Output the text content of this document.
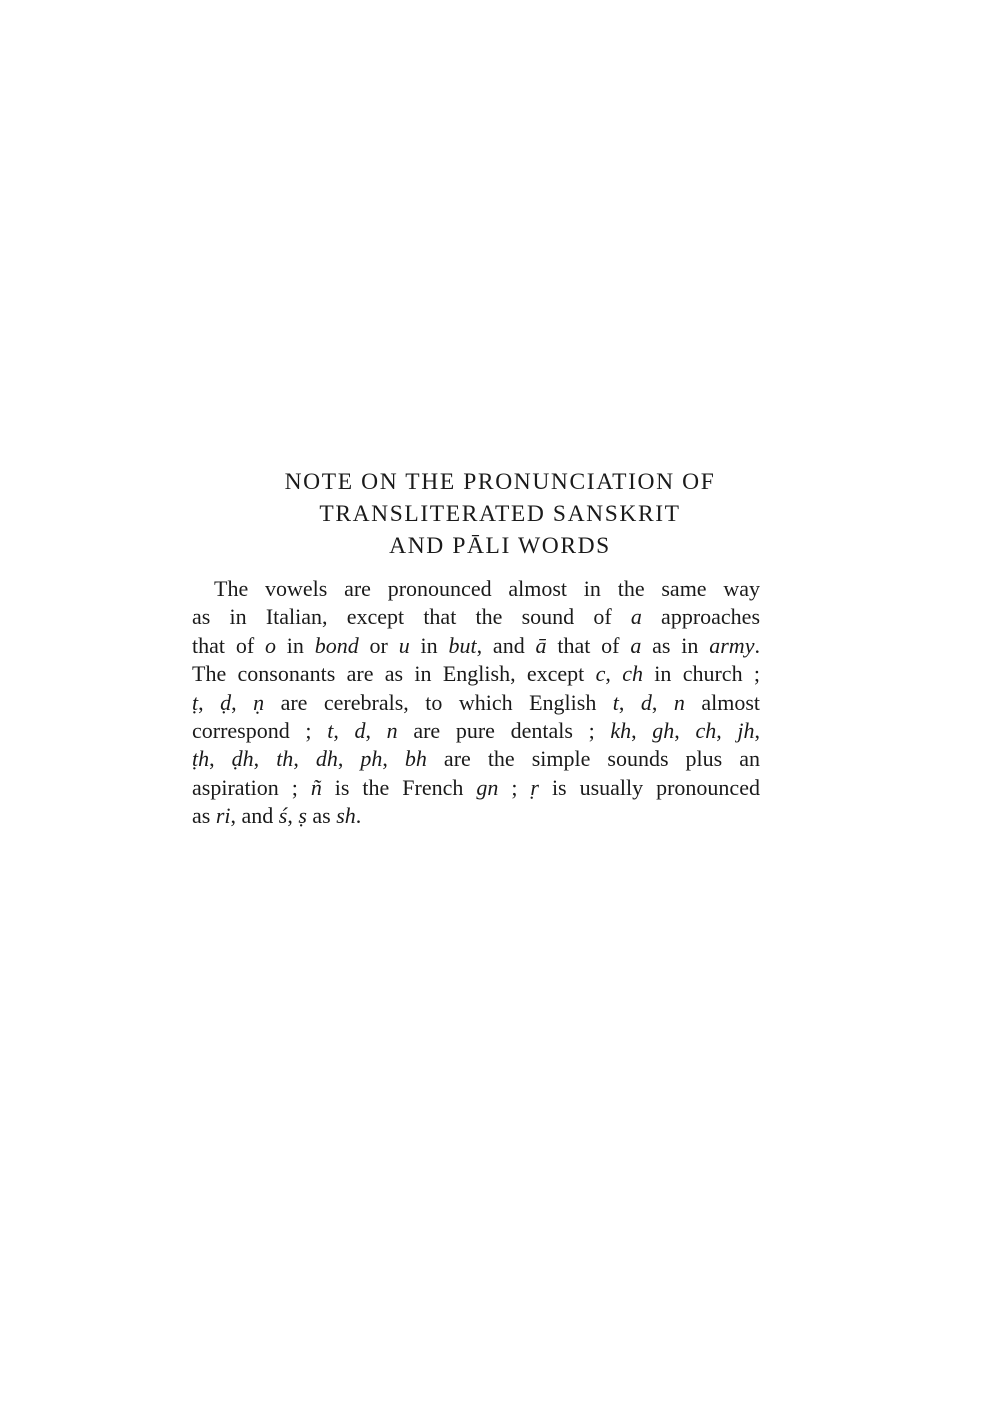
NOTE ON THE PRONUNCIATION OF
TRANSLITERATED SANSKRIT
AND PĀLI WORDS
The vowels are pronounced almost in the same way
as in Italian, except that the sound of a approaches
that of o in bond or u in but, and ā that of a as in army.
The consonants are as in English, except c, ch in church ;
ṭ, ḍ, ṇ are cerebrals, to which English t, d, n almost
correspond ; t, d, n are pure dentals ; kh, gh, ch, jh,
ṭh, ḍh, th, dh, ph, bh are the simple sounds plus an
aspiration ; ñ is the French gn ; ṛ is usually pronounced
as ri, and ś, ṣ as sh.
